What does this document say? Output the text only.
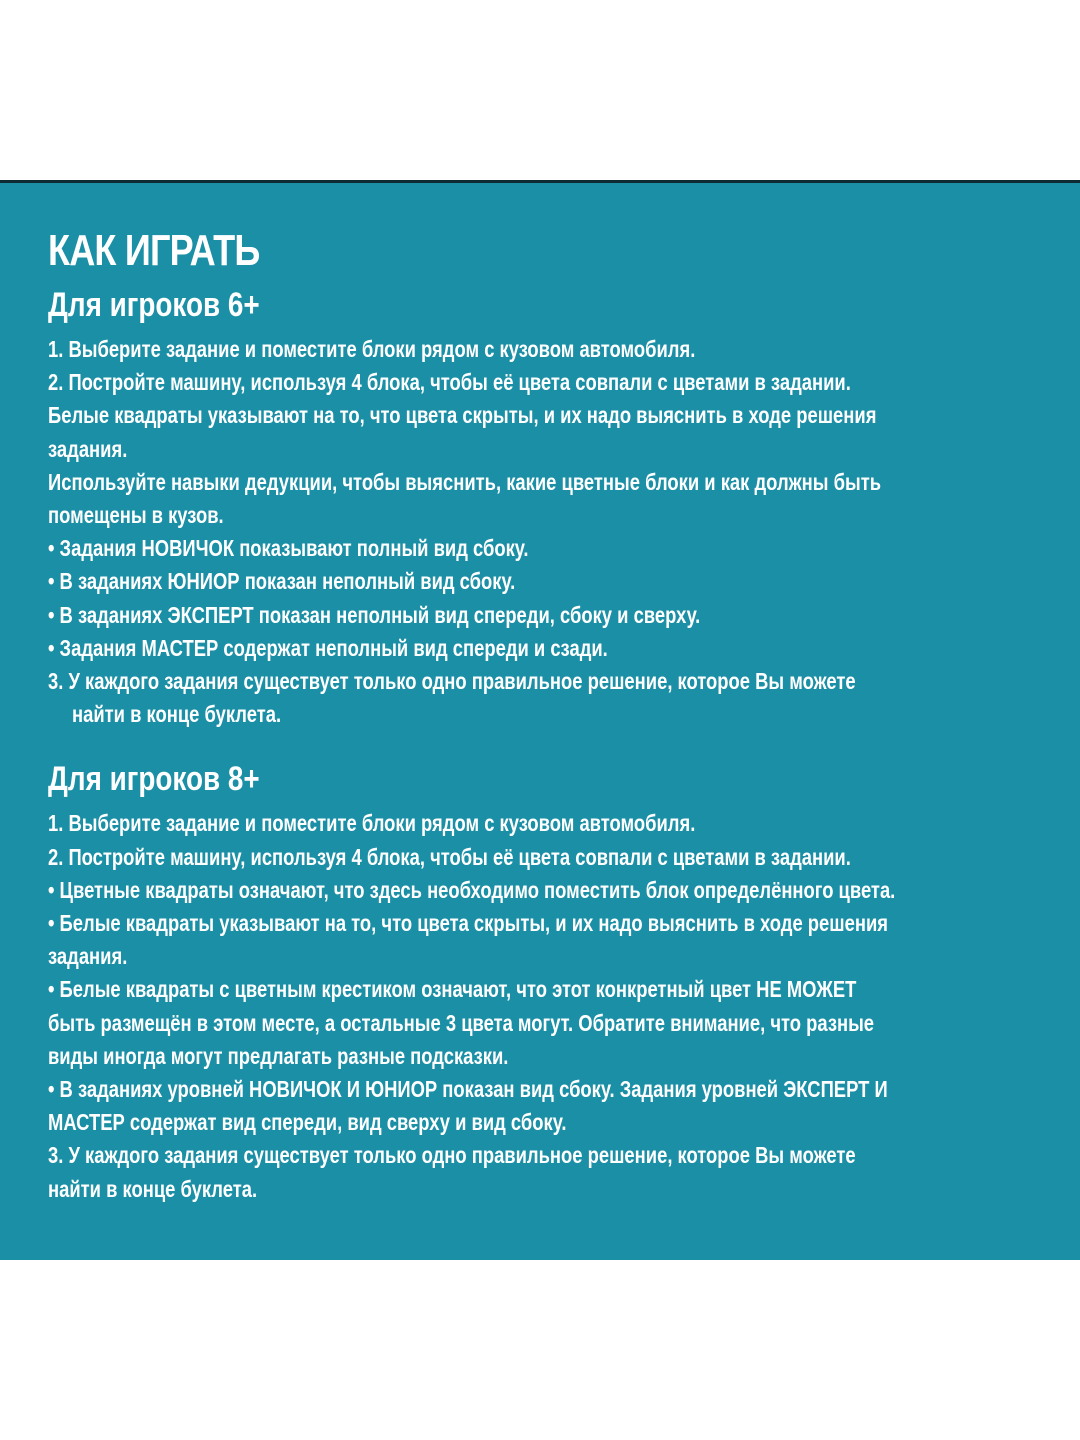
КАК ИГРАТЬ
Для игроков 6+
1. Выберите задание и поместите блоки рядом с кузовом автомобиля.
2. Постройте машину, используя 4 блока, чтобы её цвета совпали с цветами в задании.
Белые квадраты указывают на то, что цвета скрыты, и их надо выяснить в ходе решения
задания.
Используйте навыки дедукции, чтобы выяснить, какие цветные блоки и как должны быть
помещены в кузов.
• Задания НОВИЧОК показывают полный вид сбоку.
• В заданиях ЮНИОР показан неполный вид сбоку.
• В заданиях ЭКСПЕРТ показан неполный вид спереди, сбоку и сверху.
• Задания МАСТЕР содержат неполный вид спереди и сзади.
3. У каждого задания существует только одно правильное решение, которое Вы можете
найти в конце буклета.
Для игроков 8+
1. Выберите задание и поместите блоки рядом с кузовом автомобиля.
2. Постройте машину, используя 4 блока, чтобы её цвета совпали с цветами в задании.
• Цветные квадраты означают, что здесь необходимо поместить блок определённого цвета.
• Белые квадраты указывают на то, что цвета скрыты, и их надо выяснить в ходе решения
задания.
• Белые квадраты с цветным крестиком означают, что этот конкретный цвет НЕ МОЖЕТ
быть размещён в этом месте, а остальные 3 цвета могут. Обратите внимание, что разные
виды иногда могут предлагать разные подсказки.
• В заданиях уровней НОВИЧОК И ЮНИОР показан вид сбоку. Задания уровней ЭКСПЕРТ И
МАСТЕР содержат вид спереди, вид сверху и вид сбоку.
3. У каждого задания существует только одно правильное решение, которое Вы можете
найти в конце буклета.
